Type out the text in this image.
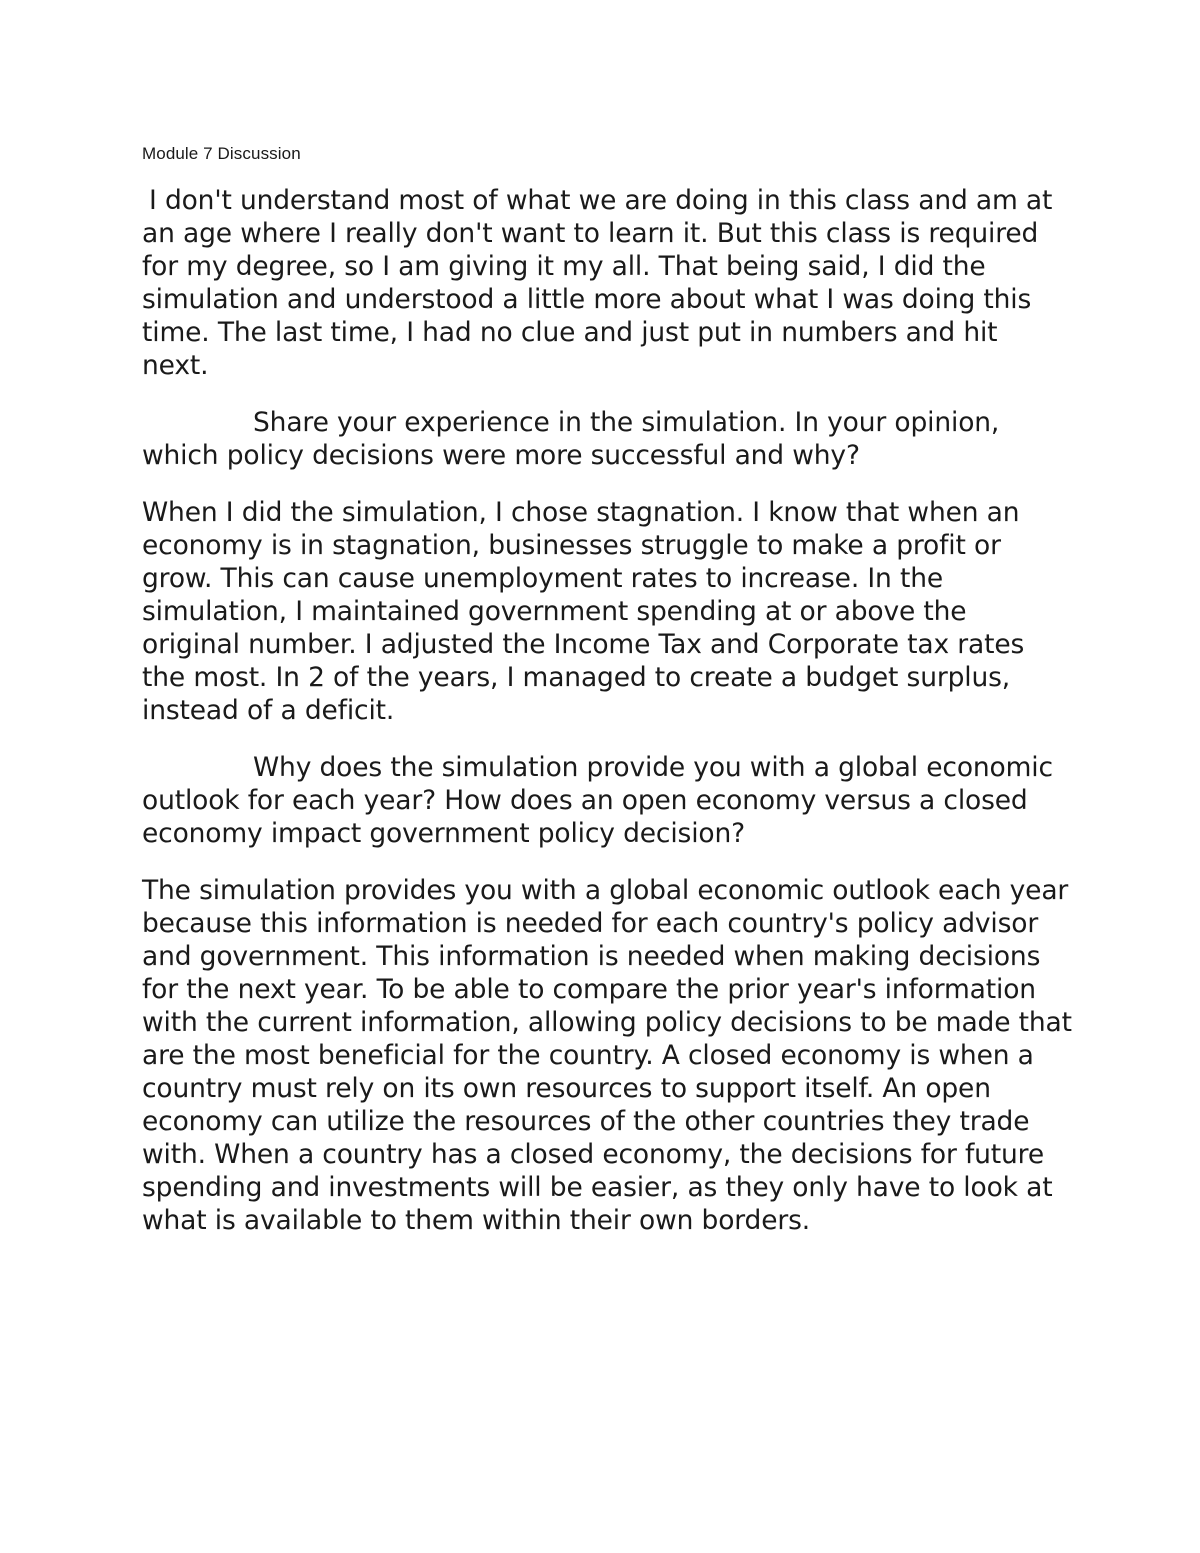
Module 7 Discussion

I don't understand most of what we are doing in this class and am at an age where I really don't want to learn it. But this class is required for my degree, so I am giving it my all. That being said, I did the simulation and understood a little more about what I was doing this time. The last time, I had no clue and just put in numbers and hit next.

Share your experience in the simulation. In your opinion, which policy decisions were more successful and why?

When I did the simulation, I chose stagnation. I know that when an economy is in stagnation, businesses struggle to make a profit or grow. This can cause unemployment rates to increase. In the simulation, I maintained government spending at or above the original number. I adjusted the Income Tax and Corporate tax rates the most. In 2 of the years, I managed to create a budget surplus, instead of a deficit.

Why does the simulation provide you with a global economic outlook for each year? How does an open economy versus a closed economy impact government policy decision?

The simulation provides you with a global economic outlook each year because this information is needed for each country's policy advisor and government. This information is needed when making decisions for the next year. To be able to compare the prior year's information with the current information, allowing policy decisions to be made that are the most beneficial for the country. A closed economy is when a country must rely on its own resources to support itself. An open economy can utilize the resources of the other countries they trade with. When a country has a closed economy, the decisions for future spending and investments will be easier, as they only have to look at what is available to them within their own borders.
